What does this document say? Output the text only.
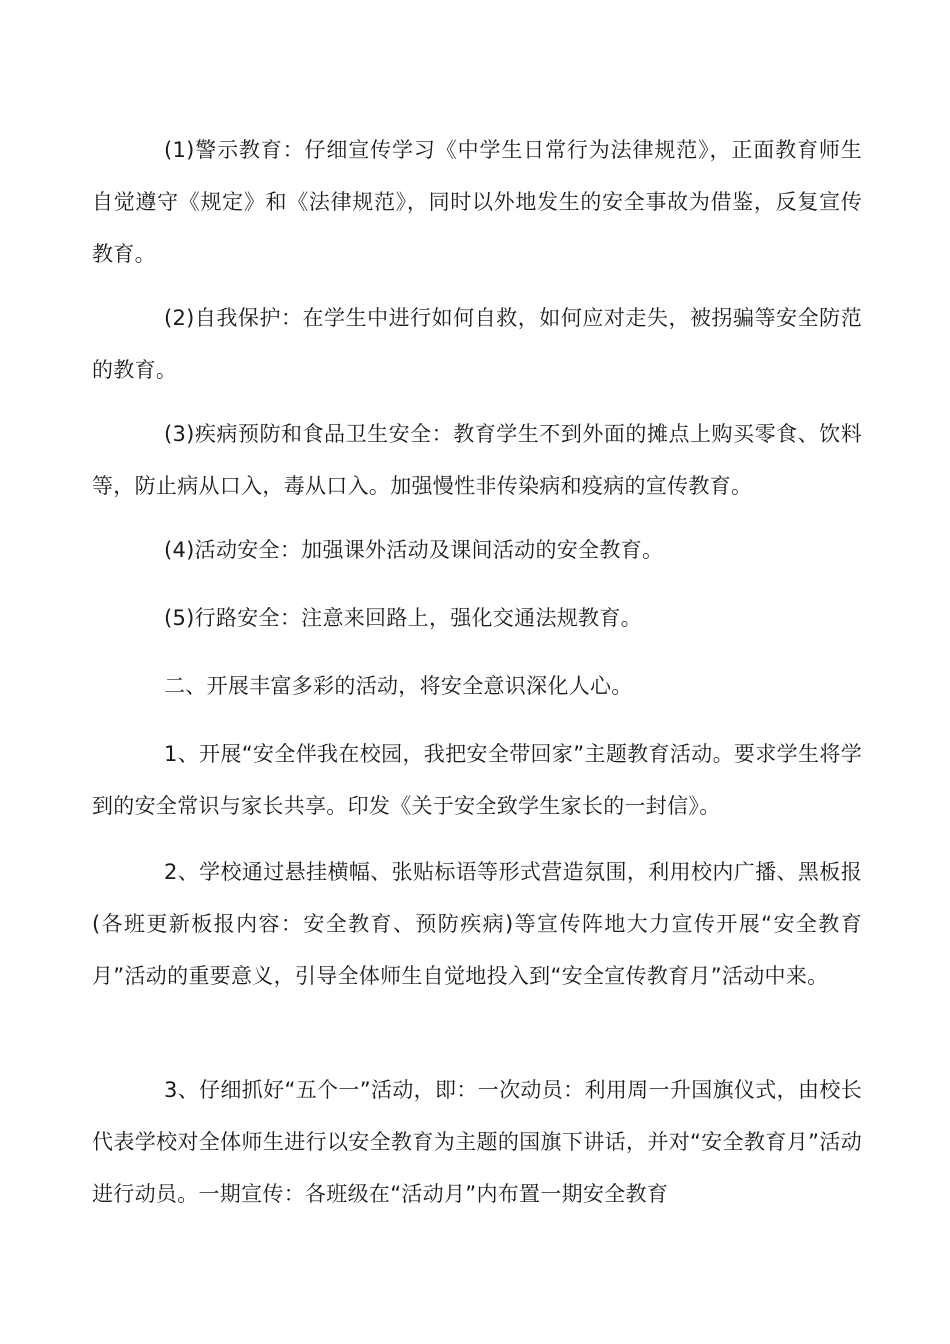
(1)警示教育：仔细宣传学习《中学生日常行为法律规范》，正面教育师生自觉遵守《规定》和《法律规范》，同时以外地发生的安全事故为借鉴，反复宣传教育。

(2)自我保护：在学生中进行如何自救，如何应对走失，被拐骗等安全防范的教育。

(3)疾病预防和食品卫生安全：教育学生不到外面的摊点上购买零食、饮料等，防止病从口入，毒从口入。加强慢性非传染病和疫病的宣传教育。

(4)活动安全：加强课外活动及课间活动的安全教育。

(5)行路安全：注意来回路上，强化交通法规教育。

二、开展丰富多彩的活动，将安全意识深化人心。

1、开展“安全伴我在校园，我把安全带回家”主题教育活动。要求学生将学到的安全常识与家长共享。印发《关于安全致学生家长的一封信》。

2、学校通过悬挂横幅、张贴标语等形式营造氛围，利用校内广播、黑板报(各班更新板报内容：安全教育、预防疾病)等宣传阵地大力宣传开展“安全教育月”活动的重要意义，引导全体师生自觉地投入到“安全宣传教育月”活动中来。

3、仔细抓好“五个一”活动，即：一次动员：利用周一升国旗仪式，由校长代表学校对全体师生进行以安全教育为主题的国旗下讲话，并对“安全教育月”活动进行动员。一期宣传：各班级在“活动月”内布置一期安全教育
